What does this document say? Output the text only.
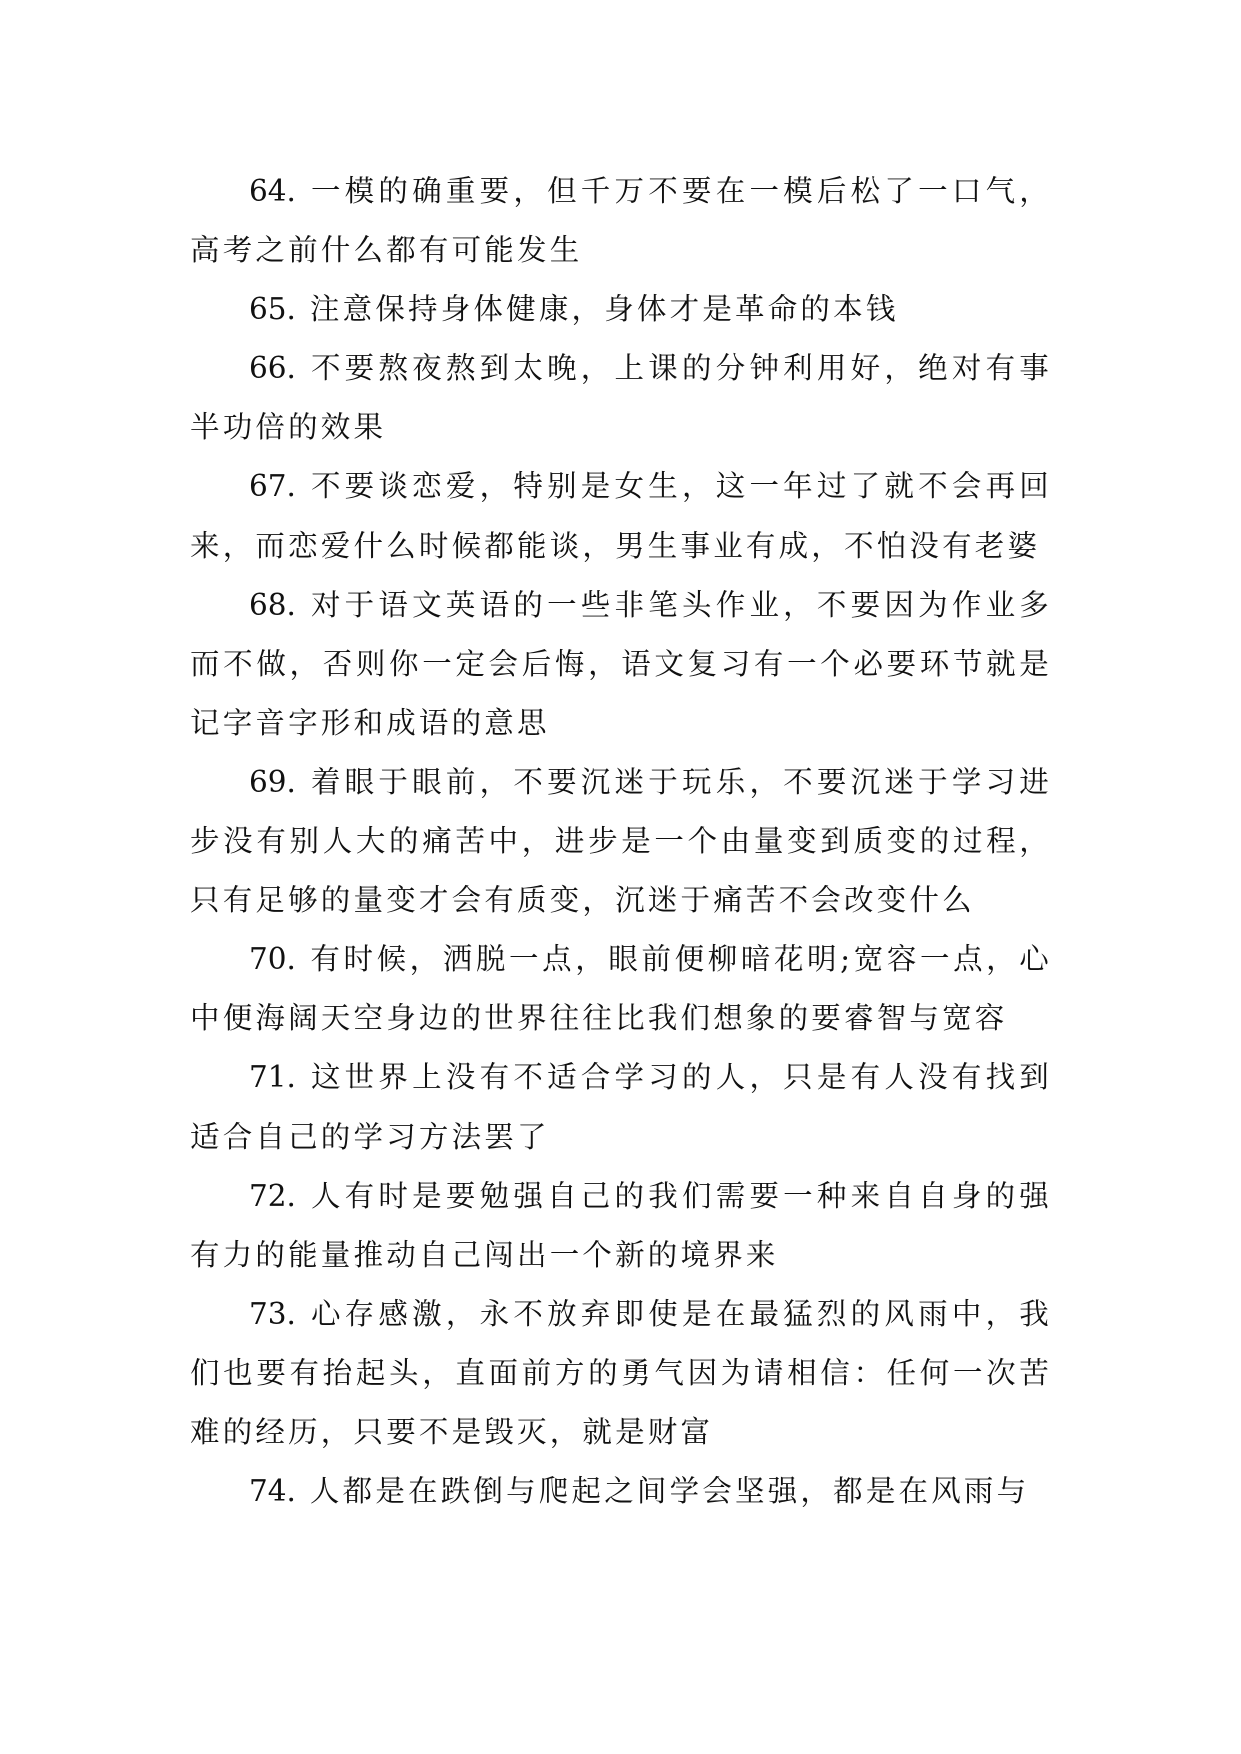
64. 一模的确重要，但千万不要在一模后松了一口气，高考之前什么都有可能发生

65. 注意保持身体健康，身体才是革命的本钱

66. 不要熬夜熬到太晚，上课的分钟利用好，绝对有事半功倍的效果

67. 不要谈恋爱，特别是女生，这一年过了就不会再回来，而恋爱什么时候都能谈，男生事业有成，不怕没有老婆

68. 对于语文英语的一些非笔头作业，不要因为作业多而不做，否则你一定会后悔，语文复习有一个必要环节就是记字音字形和成语的意思

69. 着眼于眼前，不要沉迷于玩乐，不要沉迷于学习进步没有别人大的痛苦中，进步是一个由量变到质变的过程，只有足够的量变才会有质变，沉迷于痛苦不会改变什么

70. 有时候，洒脱一点，眼前便柳暗花明;宽容一点，心中便海阔天空身边的世界往往比我们想象的要睿智与宽容

71. 这世界上没有不适合学习的人，只是有人没有找到适合自己的学习方法罢了

72. 人有时是要勉强自己的我们需要一种来自自身的强有力的能量推动自己闯出一个新的境界来

73. 心存感激，永不放弃即使是在最猛烈的风雨中，我们也要有抬起头，直面前方的勇气因为请相信：任何一次苦难的经历，只要不是毁灭，就是财富

74. 人都是在跌倒与爬起之间学会坚强，都是在风雨与
